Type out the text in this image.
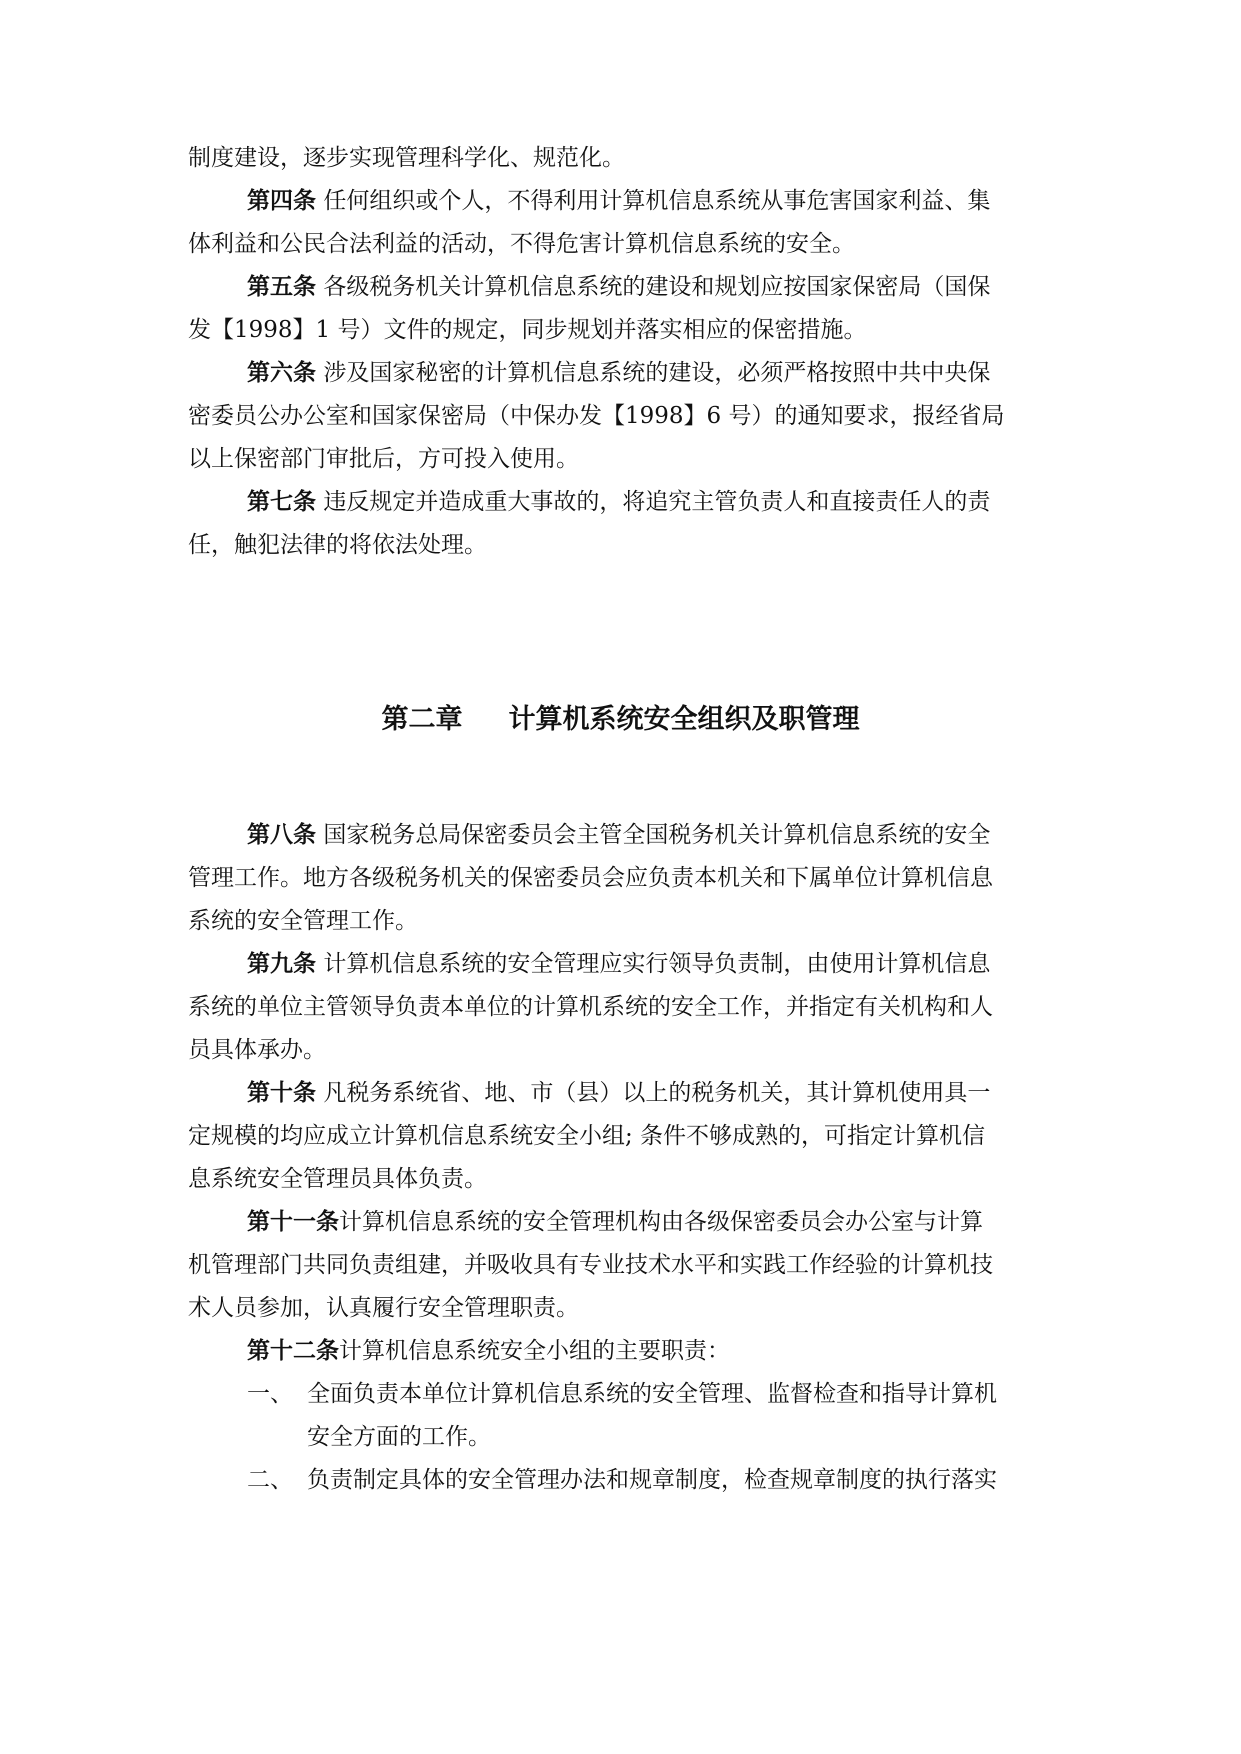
制度建设，逐步实现管理科学化、规范化。
第四条 任何组织或个人，不得利用计算机信息系统从事危害国家利益、集
体利益和公民合法利益的活动，不得危害计算机信息系统的安全。
第五条 各级税务机关计算机信息系统的建设和规划应按国家保密局（国保
发【1998】1 号）文件的规定，同步规划并落实相应的保密措施。
第六条 涉及国家秘密的计算机信息系统的建设，必须严格按照中共中央保
密委员公办公室和国家保密局（中保办发【1998】6 号）的通知要求，报经省局
以上保密部门审批后，方可投入使用。
第七条 违反规定并造成重大事故的，将追究主管负责人和直接责任人的责
任，触犯法律的将依法处理。
第二章 计算机系统安全组织及职管理
第八条 国家税务总局保密委员会主管全国税务机关计算机信息系统的安全
管理工作。地方各级税务机关的保密委员会应负责本机关和下属单位计算机信息
系统的安全管理工作。
第九条 计算机信息系统的安全管理应实行领导负责制，由使用计算机信息
系统的单位主管领导负责本单位的计算机系统的安全工作，并指定有关机构和人
员具体承办。
第十条 凡税务系统省、地、市（县）以上的税务机关，其计算机使用具一
定规模的均应成立计算机信息系统安全小组; 条件不够成熟的，可指定计算机信
息系统安全管理员具体负责。
第十一条计算机信息系统的安全管理机构由各级保密委员会办公室与计算
机管理部门共同负责组建，并吸收具有专业技术水平和实践工作经验的计算机技
术人员参加，认真履行安全管理职责。
第十二条计算机信息系统安全小组的主要职责：
一、 全面负责本单位计算机信息系统的安全管理、监督检查和指导计算机
安全方面的工作。
二、 负责制定具体的安全管理办法和规章制度，检查规章制度的执行落实
